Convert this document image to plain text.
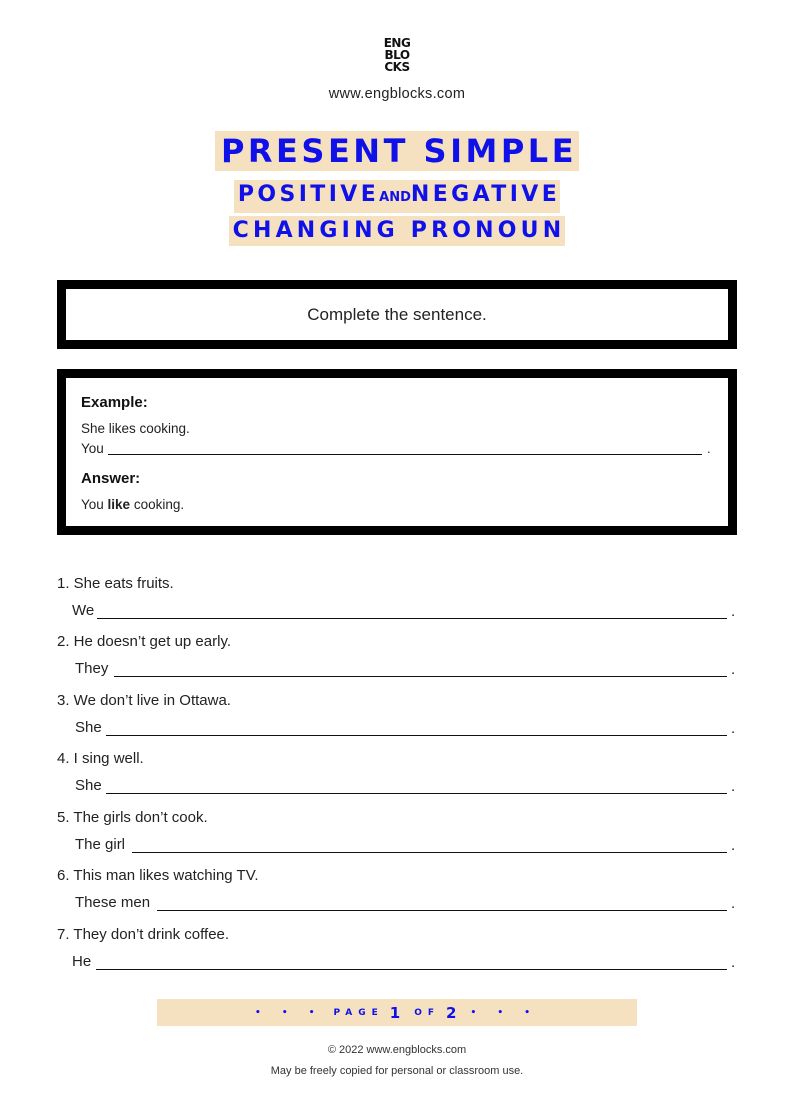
ENG
BLO
CKS
www.engblocks.com
PRESENT SIMPLE
POSITIVEANDNEGATIVE
CHANGING PRONOUN
Complete the sentence.
Example:
She likes cooking.
You	.
Answer:
You like cooking.
1. She eats fruits.
We	.
2. He doesn’t get up early.
They	.
3. We don’t live in Ottawa.
She	.
4. I sing well.
She	.
5. The girls don’t cook.
The girl	.
6. This man likes watching TV.
These men	.
7. They don’t drink coffee.
He	.
• • • PAGE 1 OF 2 • • •
© 2022 www.engblocks.com
May be freely copied for personal or classroom use.
